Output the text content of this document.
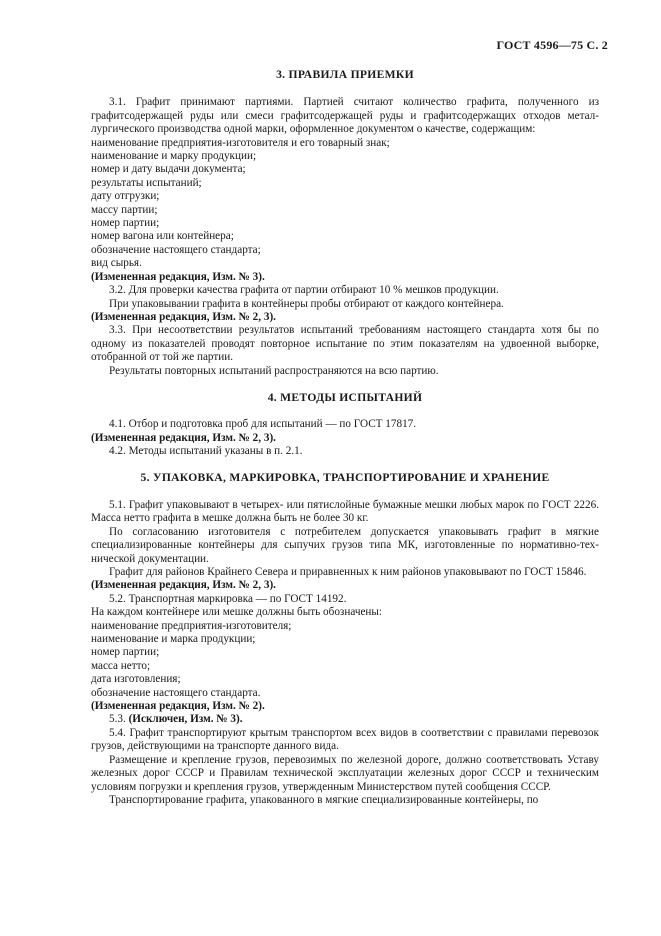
ГОСТ 4596—75 С. 2
3. ПРАВИЛА ПРИЕМКИ

3.1. Графит принимают партиями. Партией считают количество графита, полученного из графитсодержащей руды или смеси графитсодержащей руды и графитсодержащих отходов металлургического производства одной марки, оформленное документом о качестве, содержащим:

наименование предприятия-изготовителя и его товарный знак;

наименование и марку продукции;

номер и дату выдачи документа;

результаты испытаний;

дату отгрузки;

массу партии;

номер партии;

номер вагона или контейнера;

обозначение настоящего стандарта;

вид сырья.

(Измененная редакция, Изм. № 3).

3.2. Для проверки качества графита от партии отбирают 10 % мешков продукции.

При упаковывании графита в контейнеры пробы отбирают от каждого контейнера.

(Измененная редакция, Изм. № 2, 3).

3.3. При несоответствии результатов испытаний требованиям настоящего стандарта хотя бы по одному из показателей проводят повторное испытание по этим показателям на удвоенной выборке, отобранной от той же партии.

Результаты повторных испытаний распространяются на всю партию.

4. МЕТОДЫ ИСПЫТАНИЙ

4.1. Отбор и подготовка проб для испытаний — по ГОСТ 17817.

(Измененная редакция, Изм. № 2, 3).

4.2. Методы испытаний указаны в п. 2.1.

5. УПАКОВКА, МАРКИРОВКА, ТРАНСПОРТИРОВАНИЕ И ХРАНЕНИЕ

5.1. Графит упаковывают в четырех- или пятислойные бумажные мешки любых марок по ГОСТ 2226. Масса нетто графита в мешке должна быть не более 30 кг.

По согласованию изготовителя с потребителем допускается упаковывать графит в мягкие специализированные контейнеры для сыпучих грузов типа МК, изготовленные по нормативно-технической документации.

Графит для районов Крайнего Севера и приравненных к ним районов упаковывают по ГОСТ 15846.

(Измененная редакция, Изм. № 2, 3).

5.2. Транспортная маркировка — по ГОСТ 14192.

На каждом контейнере или мешке должны быть обозначены:

наименование предприятия-изготовителя;

наименование и марка продукции;

номер партии;

масса нетто;

дата изготовления;

обозначение настоящего стандарта.

(Измененная редакция, Изм. № 2).

5.3. (Исключен, Изм. № 3).

5.4. Графит транспортируют крытым транспортом всех видов в соответствии с правилами перевозок грузов, действующими на транспорте данного вида.

Размещение и крепление грузов, перевозимых по железной дороге, должно соответствовать Уставу железных дорог СССР и Правилам технической эксплуатации железных дорог СССР и техническим условиям погрузки и крепления грузов, утвержденным Министерством путей сообщения СССР.

Транспортирование графита, упакованного в мягкие специализированные контейнеры, по
